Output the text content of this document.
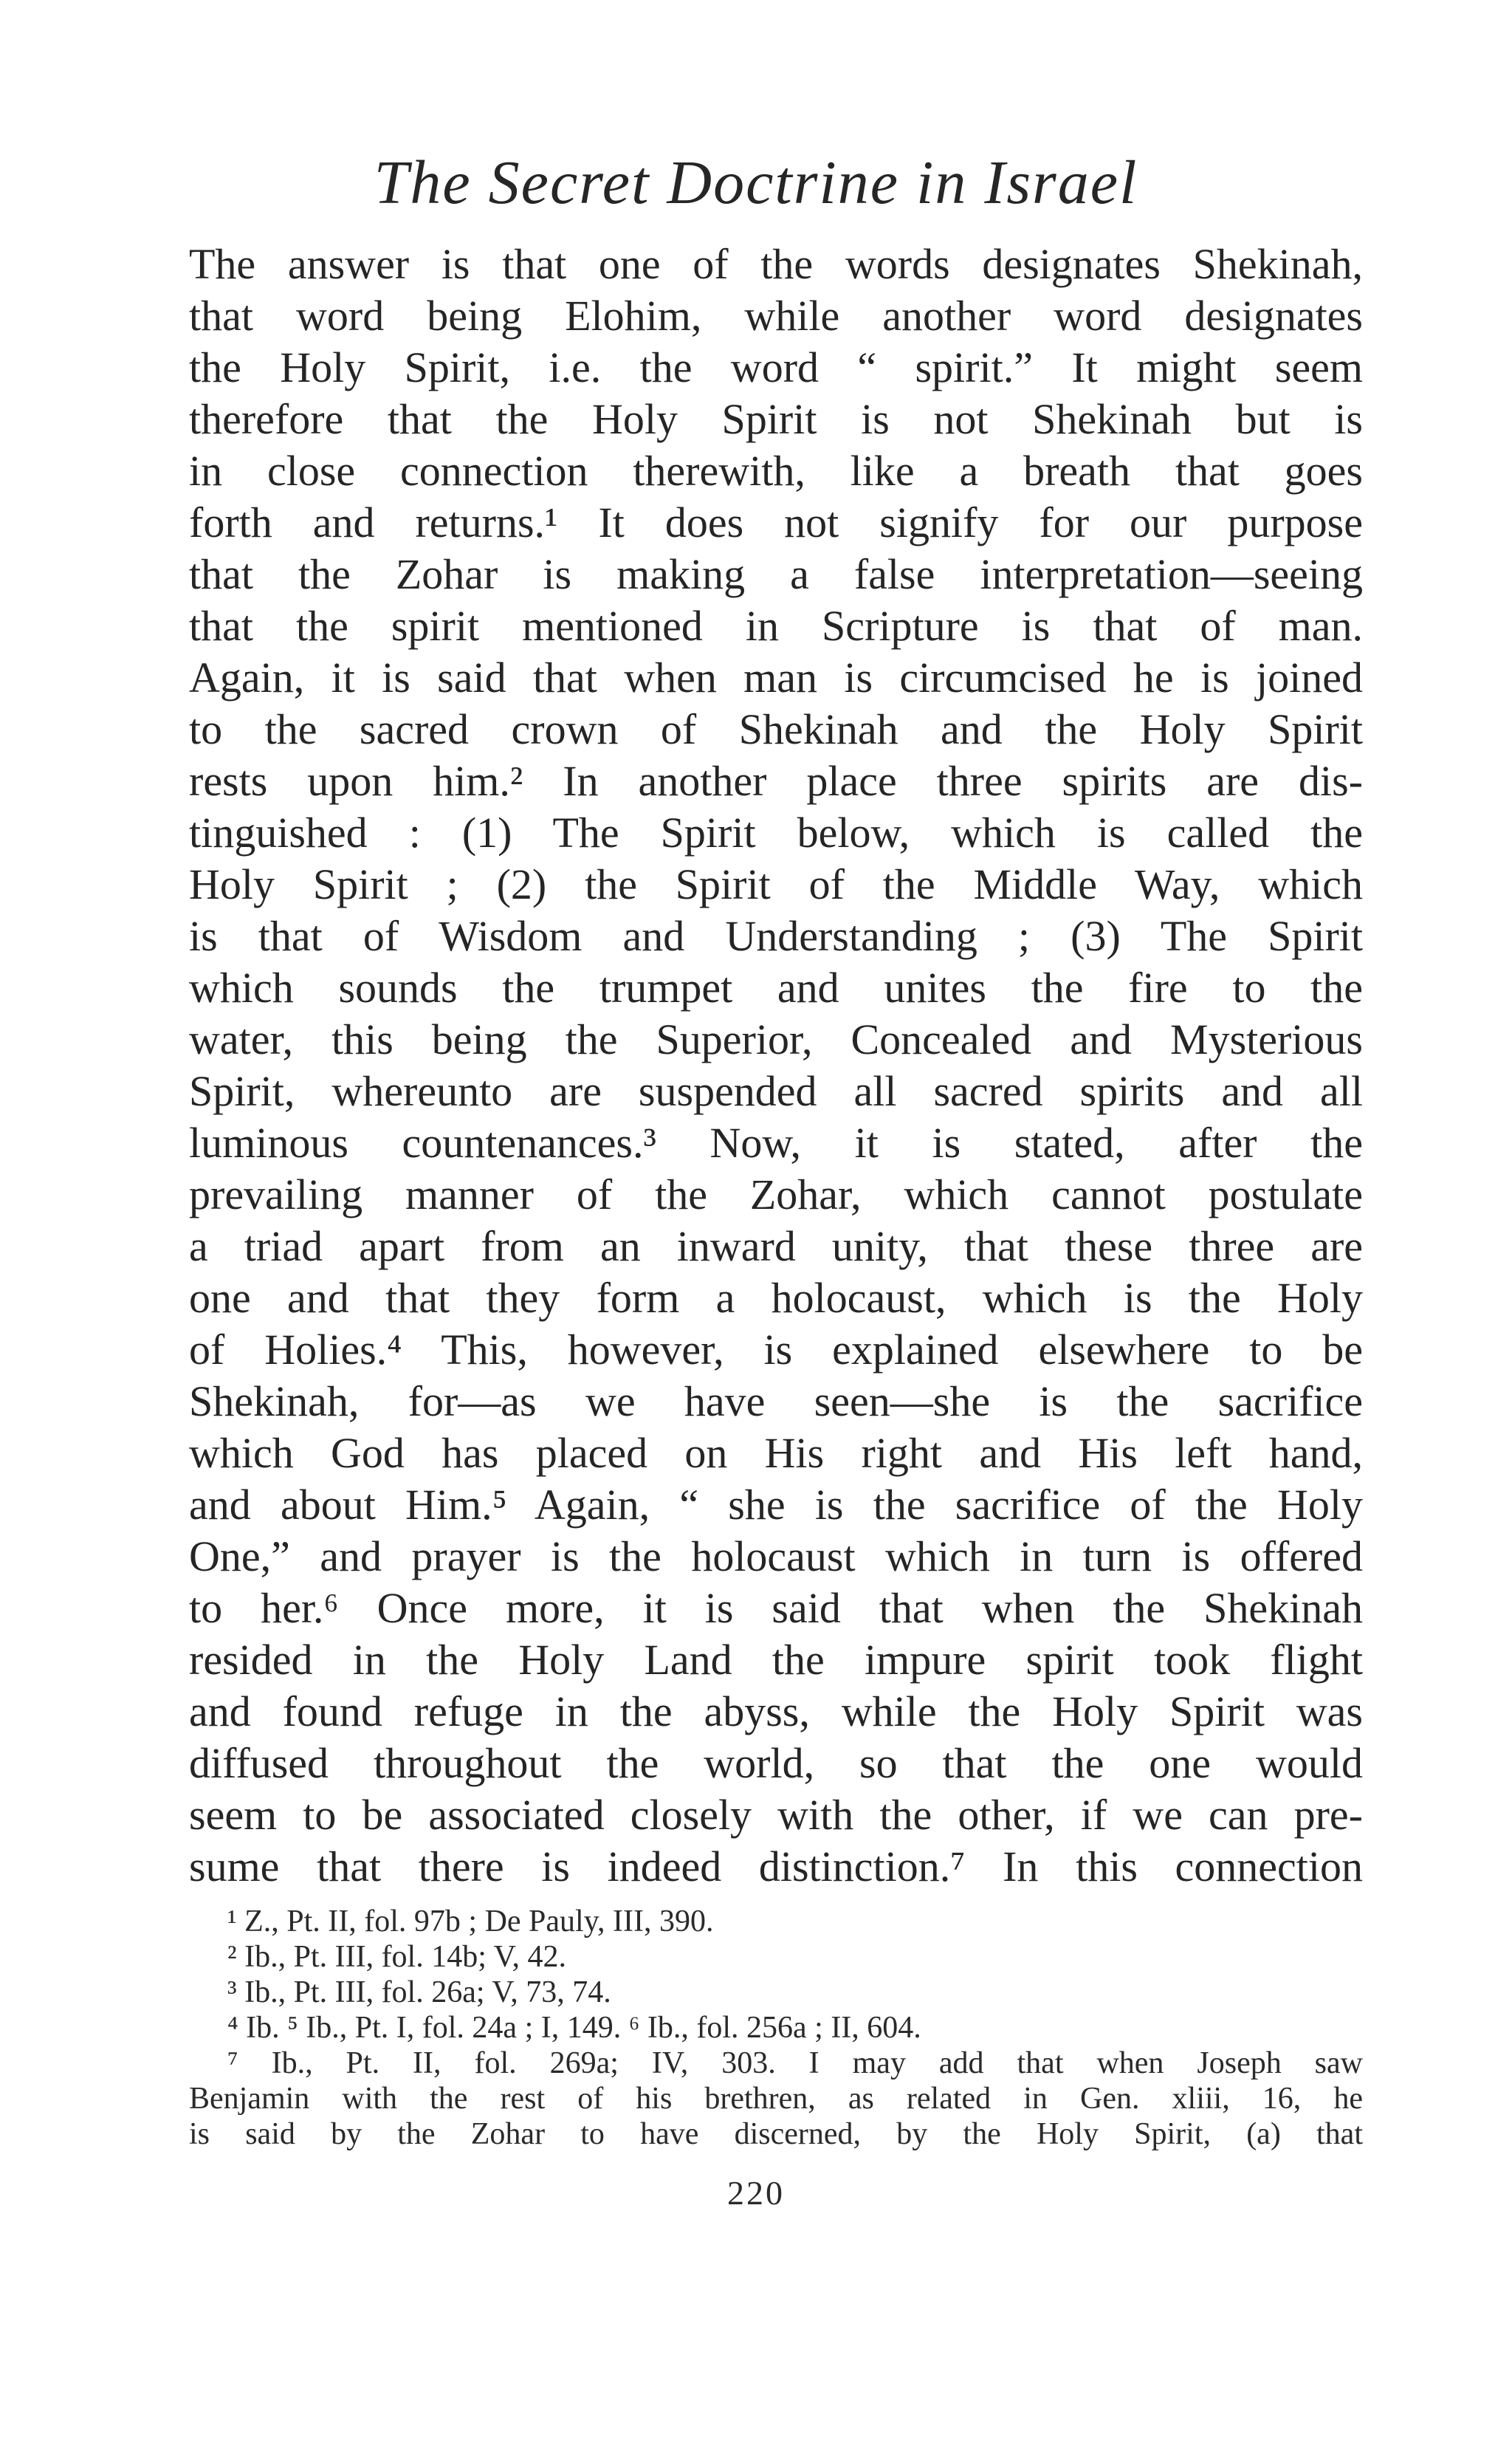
The Secret Doctrine in Israel
The answer is that one of the words designates Shekinah,
that word being Elohim, while another word designates
the Holy Spirit, i.e. the word “ spirit.” It might seem
therefore that the Holy Spirit is not Shekinah but is
in close connection therewith, like a breath that goes
forth and returns.¹ It does not signify for our purpose
that the Zohar is making a false interpretation—seeing
that the spirit mentioned in Scripture is that of man.
Again, it is said that when man is circumcised he is joined
to the sacred crown of Shekinah and the Holy Spirit
rests upon him.² In another place three spirits are dis-
tinguished : (1) The Spirit below, which is called the
Holy Spirit ; (2) the Spirit of the Middle Way, which
is that of Wisdom and Understanding ; (3) The Spirit
which sounds the trumpet and unites the fire to the
water, this being the Superior, Concealed and Mysterious
Spirit, whereunto are suspended all sacred spirits and all
luminous countenances.³ Now, it is stated, after the
prevailing manner of the Zohar, which cannot postulate
a triad apart from an inward unity, that these three are
one and that they form a holocaust, which is the Holy
of Holies.⁴ This, however, is explained elsewhere to be
Shekinah, for—as we have seen—she is the sacrifice
which God has placed on His right and His left hand,
and about Him.⁵ Again, “ she is the sacrifice of the Holy
One,” and prayer is the holocaust which in turn is offered
to her.⁶ Once more, it is said that when the Shekinah
resided in the Holy Land the impure spirit took flight
and found refuge in the abyss, while the Holy Spirit was
diffused throughout the world, so that the one would
seem to be associated closely with the other, if we can pre-
sume that there is indeed distinction.⁷ In this connection
¹ Z., Pt. II, fol. 97b ; De Pauly, III, 390.
² Ib., Pt. III, fol. 14b; V, 42.
³ Ib., Pt. III, fol. 26a; V, 73, 74.
⁴ Ib. ⁵ Ib., Pt. I, fol. 24a ; I, 149. ⁶ Ib., fol. 256a ; II, 604.
⁷ Ib., Pt. II, fol. 269a; IV, 303. I may add that when Joseph saw
Benjamin with the rest of his brethren, as related in Gen. xliii, 16, he
is said by the Zohar to have discerned, by the Holy Spirit, (a) that
220
